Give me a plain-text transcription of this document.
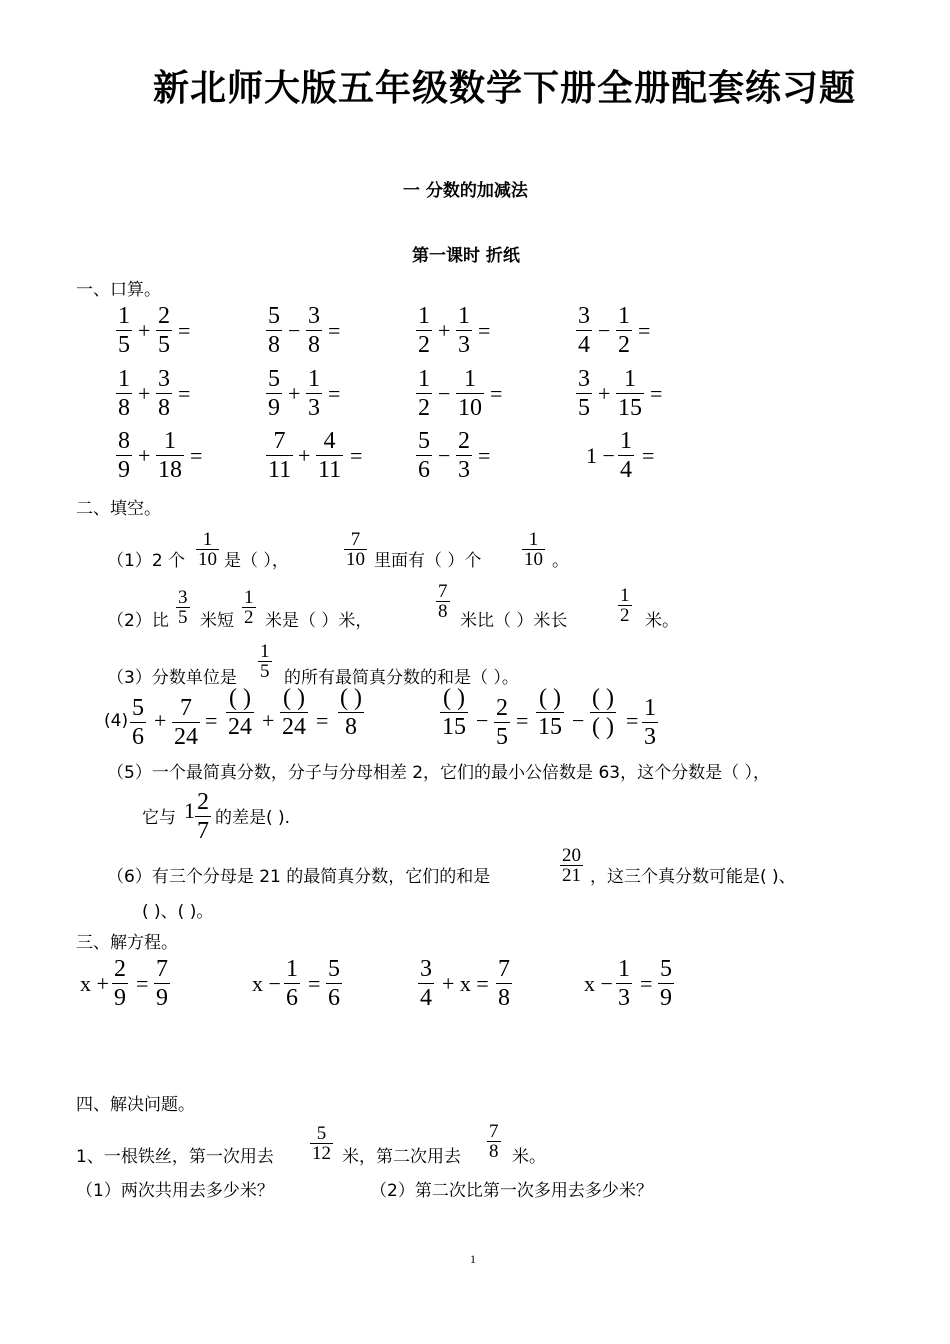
新北师大版五年级数学下册全册配套练习题
一 分数的加减法
第一课时 折纸
一、口算。
1
5
+
2
5
=
5
8
−
3
8
=
1
2
+
1
3
=
3
4
−
1
2
=
1
8
+
3
8
=
5
9
+
1
3
=
1
2
−
1
10
=
3
5
+
1
15
=
8
9
+
1
18
=
7
11
+
4
11
=
5
6
−
2
3
=	1 −
1
4
=
二、填空。
（1）2 个
1
10 是（ ），
7
10 里面有（ ）个
1
10 。
（2）比
3
5 米短
1
2 米是（ ）米，
7
8 米比（ ）米长
1
2 米。
（3）分数单位是
1
5 的所有最简真分数的和是（ ）。
(4) 5
6
+ 7
24
=
( )
24 +
( )
24 =
( )
8
( )
15 − 2
5
=
( )
15 −
( )
( ) = 1
3
（5）一个最简真分数，分子与分母相差 2，它们的最小公倍数是 63，这个分数是（ ），
它与 1 2
7 的差是( ).
（6）有三个分母是 21 的最简真分数，它们的和是
20
21 ，这三个真分数可能是( )、
( )、( )。
三、解方程。
x +
2
9
=
7
9
x −
1
6
=
5
6
3
4
+ x =
7
8
x −
1
3
=
5
9
四、解决问题。
1、一根铁丝，第一次用去
5
12 米，第二次用去
7
8 米。
（1）两次共用去多少米？	（2）第二次比第一次多用去多少米？
1
